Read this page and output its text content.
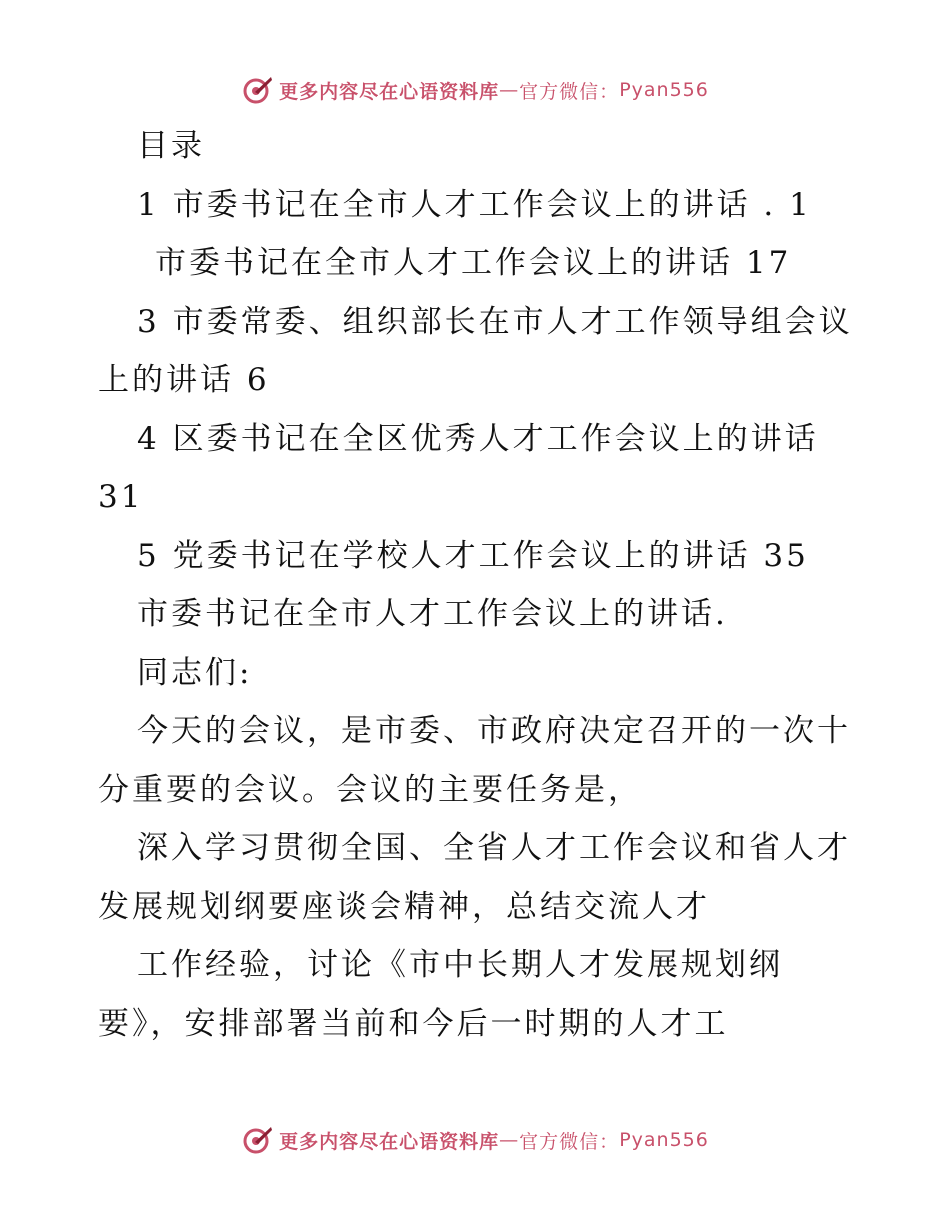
更多内容尽在心语资料库 — 官方微信： Pyan556
目录
1 市委书记在全市人才工作会议上的讲话 . 1
市委书记在全市人才工作会议上的讲话 17
3 市委常委、组织部长在市人才工作领导组会议
上的讲话 6
4 区委书记在全区优秀人才工作会议上的讲话
31
5 党委书记在学校人才工作会议上的讲话 35
市委书记在全市人才工作会议上的讲话.
同志们:
今天的会议，是市委、市政府决定召开的一次十
分重要的会议。会议的主要任务是，
深入学习贯彻全国、全省人才工作会议和省人才
发展规划纲要座谈会精神，总结交流人才
工作经验，讨论《市中长期人才发展规划纲
要》，安排部署当前和今后一时期的人才工
更多内容尽在心语资料库 — 官方微信： Pyan556
